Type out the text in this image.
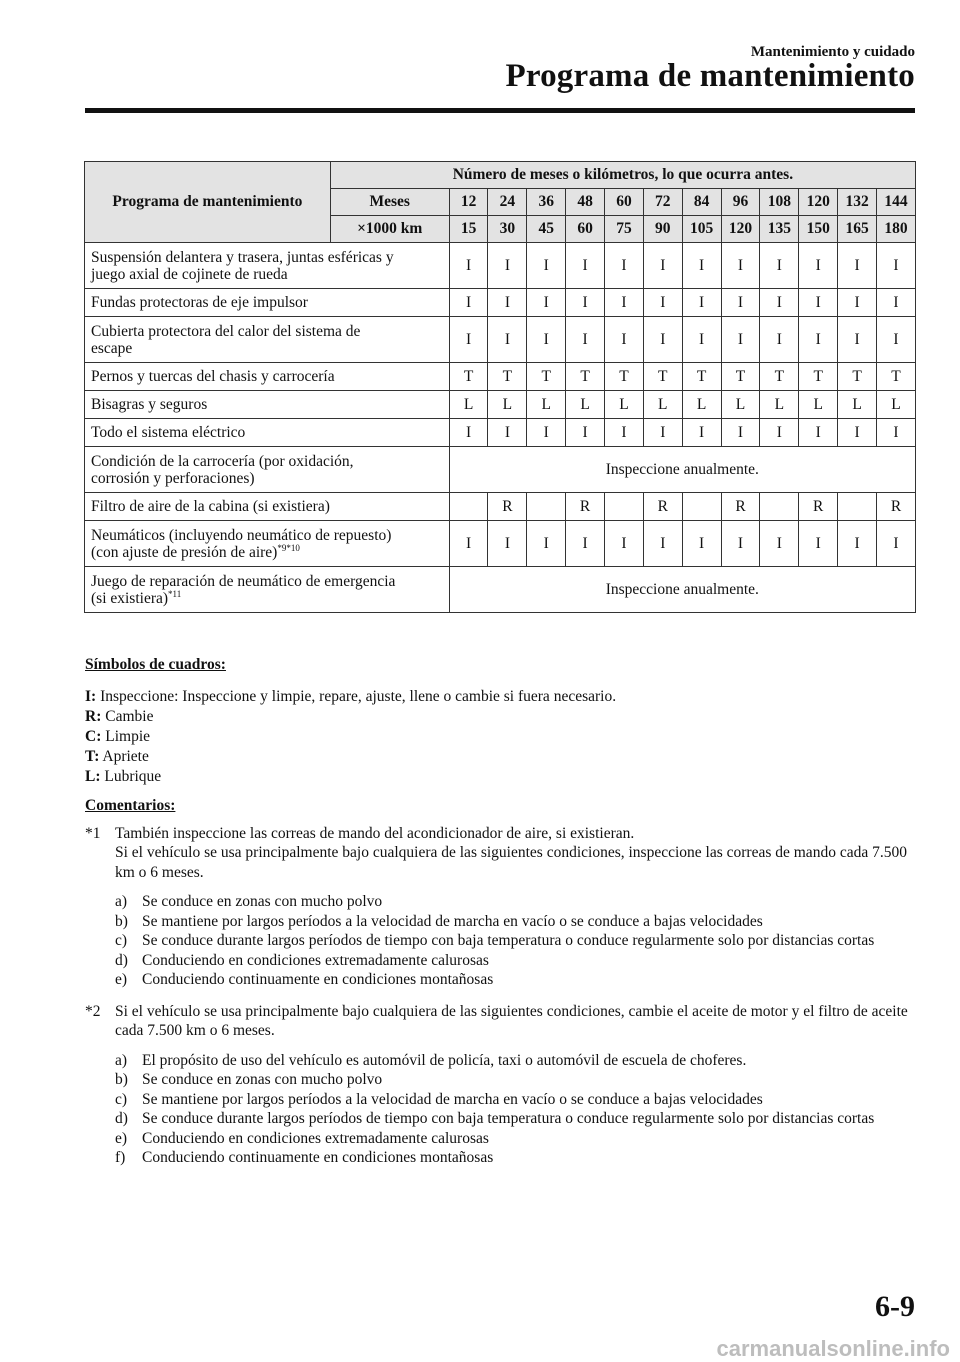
Mantenimiento y cuidado
Programa de mantenimiento
Programa de mantenimiento	Número de meses o kilómetros, lo que ocurra antes.												
	Meses	12	24	36	48	60	72	84	96	108	120	132	144
	×1000 km	15	30	45	60	75	90	105	120	135	150	165	180
Suspensión delantera y trasera, juntas esféricas y
juego axial de cojinete de rueda		I	I	I	I	I	I	I	I	I	I	I	I
Fundas protectoras de eje impulsor		I	I	I	I	I	I	I	I	I	I	I	I
Cubierta protectora del calor del sistema de
escape		I	I	I	I	I	I	I	I	I	I	I	I
Pernos y tuercas del chasis y carrocería		T	T	T	T	T	T	T	T	T	T	T	T
Bisagras y seguros		L	L	L	L	L	L	L	L	L	L	L	L
Todo el sistema eléctrico		I	I	I	I	I	I	I	I	I	I	I	I
Condición de la carrocería (por oxidación,
corrosión y perforaciones)		Inspeccione anualmente.											
Filtro de aire de la cabina (si existiera)			R		R		R		R		R		R
Neumáticos (incluyendo neumático de repuesto)
(con ajuste de presión de aire)$^{*9*10}$		I	I	I	I	I	I	I	I	I	I	I	I
Juego de reparación de neumático de emergencia
(si existiera)$^{*11}$		Inspeccione anualmente.											
Símbolos de cuadros:
I: Inspeccione: Inspeccione y limpie, repare, ajuste, llene o cambie si fuera necesario.
R: Cambie
C: Limpie
T: Apriete
L: Lubrique
Comentarios:
*1 También inspeccione las correas de mando del acondicionador de aire, si existieran.
Si el vehículo se usa principalmente bajo cualquiera de las siguientes condiciones, inspeccione las correas de mando cada 7.500 km o 6 meses.
a) Se conduce en zonas con mucho polvo
b) Se mantiene por largos períodos a la velocidad de marcha en vacío o se conduce a bajas velocidades
c) Se conduce durante largos períodos de tiempo con baja temperatura o conduce regularmente solo por distancias cortas
d) Conduciendo en condiciones extremadamente calurosas
e) Conduciendo continuamente en condiciones montañosas
*2 Si el vehículo se usa principalmente bajo cualquiera de las siguientes condiciones, cambie el aceite de motor y el filtro de aceite cada 7.500 km o 6 meses.
a) El propósito de uso del vehículo es automóvil de policía, taxi o automóvil de escuela de choferes.
b) Se conduce en zonas con mucho polvo
c) Se mantiene por largos períodos a la velocidad de marcha en vacío o se conduce a bajas velocidades
d) Se conduce durante largos períodos de tiempo con baja temperatura o conduce regularmente solo por distancias cortas
e) Conduciendo en condiciones extremadamente calurosas
f)	Conduciendo continuamente en condiciones montañosas
6-9
carmanualsonline.info
